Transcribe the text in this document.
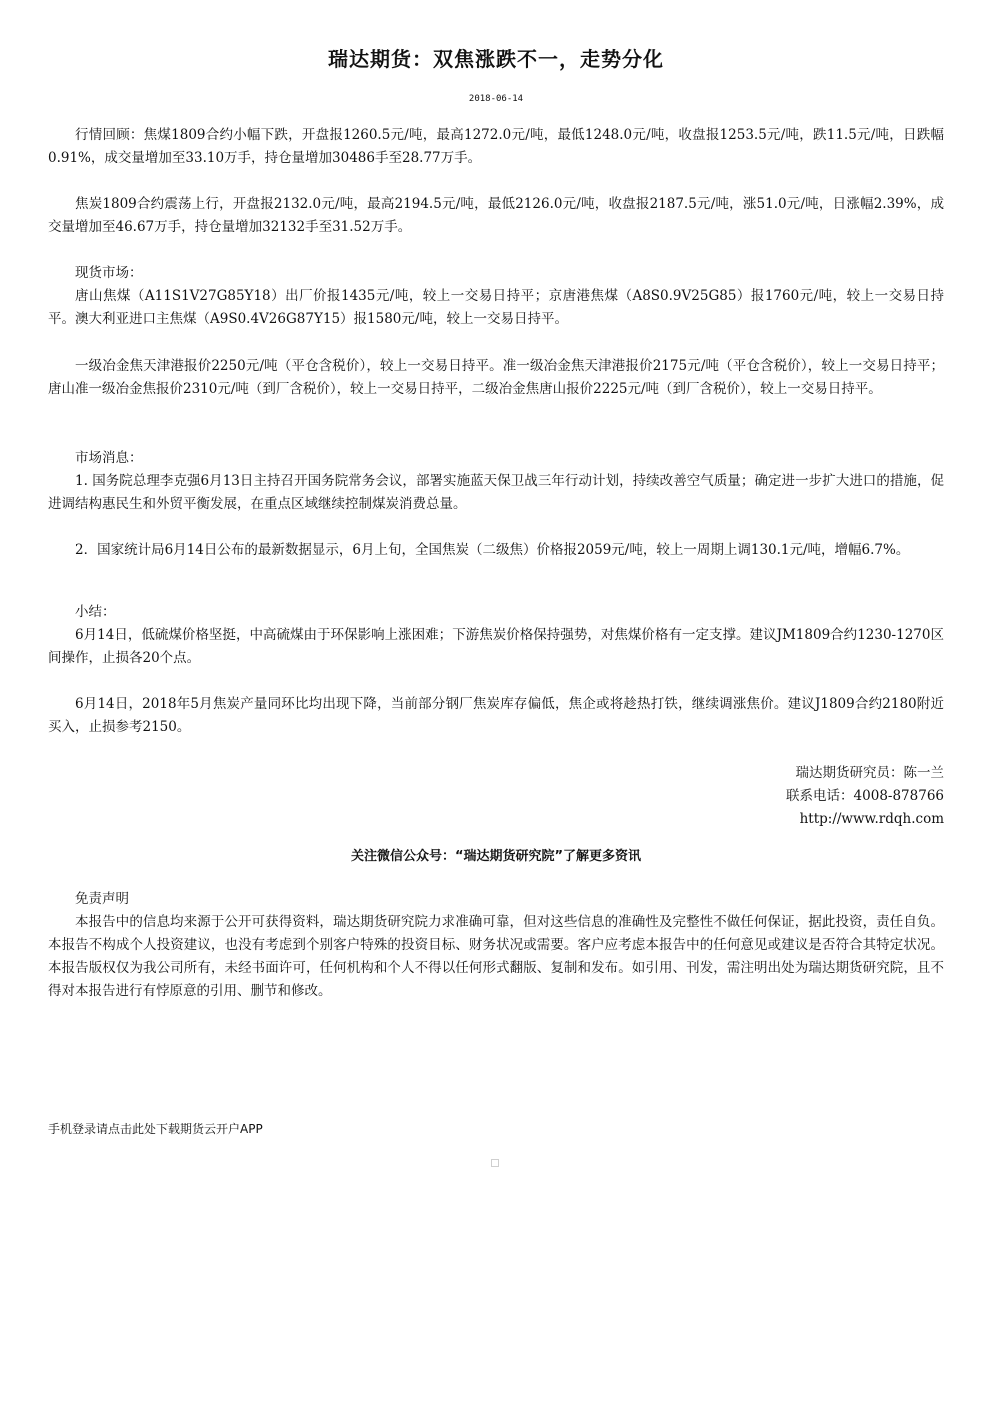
瑞达期货：双焦涨跌不一，走势分化
2018-06-14

行情回顾：焦煤1809合约小幅下跌，开盘报1260.5元/吨，最高1272.0元/吨，最低1248.0元/吨，收盘报1253.5元/吨，跌11.5元/吨，日跌幅0.91%，成交量增加至33.10万手，持仓量增加30486手至28.77万手。

焦炭1809合约震荡上行，开盘报2132.0元/吨，最高2194.5元/吨，最低2126.0元/吨，收盘报2187.5元/吨，涨51.0元/吨，日涨幅2.39%，成交量增加至46.67万手，持仓量增加32132手至31.52万手。

现货市场：

唐山焦煤（A11S1V27G85Y18）出厂价报1435元/吨，较上一交易日持平；京唐港焦煤（A8S0.9V25G85）报1760元/吨，较上一交易日持平。澳大利亚进口主焦煤（A9S0.4V26G87Y15）报1580元/吨，较上一交易日持平。

一级冶金焦天津港报价2250元/吨（平仓含税价），较上一交易日持平。准一级冶金焦天津港报价2175元/吨（平仓含税价），较上一交易日持平；唐山准一级冶金焦报价2310元/吨（到厂含税价），较上一交易日持平，二级冶金焦唐山报价2225元/吨（到厂含税价），较上一交易日持平。

市场消息：

1. 国务院总理李克强6月13日主持召开国务院常务会议，部署实施蓝天保卫战三年行动计划，持续改善空气质量；确定进一步扩大进口的措施，促进调结构惠民生和外贸平衡发展，在重点区域继续控制煤炭消费总量。

2．国家统计局6月14日公布的最新数据显示，6月上旬，全国焦炭（二级焦）价格报2059元/吨，较上一周期上调130.1元/吨，增幅6.7%。

小结：

6月14日，低硫煤价格坚挺，中高硫煤由于环保影响上涨困难；下游焦炭价格保持强势，对焦煤价格有一定支撑。建议JM1809合约1230-1270区间操作，止损各20个点。

6月14日，2018年5月焦炭产量同环比均出现下降，当前部分钢厂焦炭库存偏低，焦企或将趁热打铁，继续调涨焦价。建议J1809合约2180附近买入，止损参考2150。

瑞达期货研究员：陈一兰
联系电话：4008-878766
http://www.rdqh.com
关注微信公众号：“瑞达期货研究院”了解更多资讯

免责声明

本报告中的信息均来源于公开可获得资料，瑞达期货研究院力求准确可靠，但对这些信息的准确性及完整性不做任何保证，据此投资，责任自负。本报告不构成个人投资建议，也没有考虑到个别客户特殊的投资目标、财务状况或需要。客户应考虑本报告中的任何意见或建议是否符合其特定状况。本报告版权仅为我公司所有，未经书面许可，任何机构和个人不得以任何形式翻版、复制和发布。如引用、刊发，需注明出处为瑞达期货研究院，且不得对本报告进行有悖原意的引用、删节和修改。

手机登录请点击此处下载期货云开户APP
